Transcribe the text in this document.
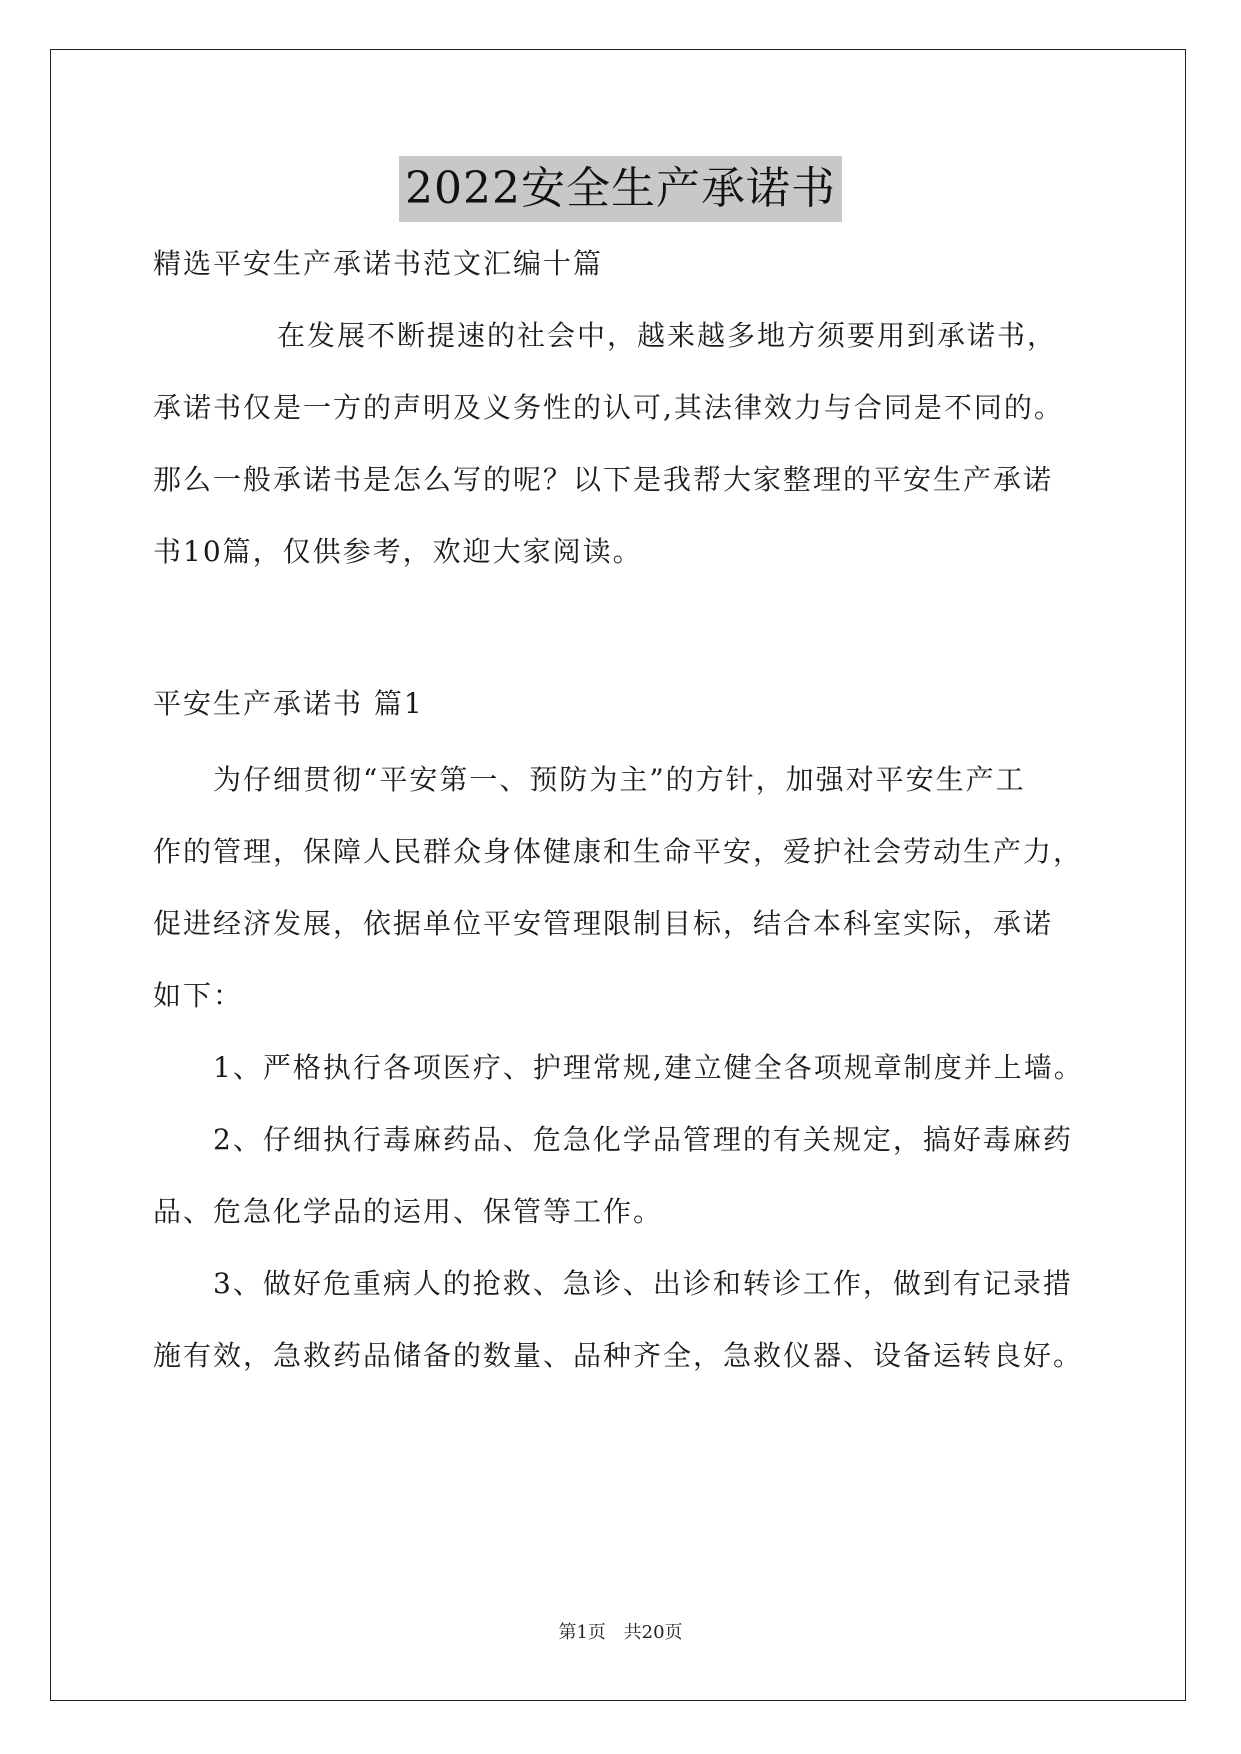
2022安全生产承诺书
精选平安生产承诺书范文汇编十篇
在发展不断提速的社会中，越来越多地方须要用到承诺书，
承诺书仅是一方的声明及义务性的认可,其法律效力与合同是不同的。
那么一般承诺书是怎么写的呢？以下是我帮大家整理的平安生产承诺
书10篇，仅供参考，欢迎大家阅读。
平安生产承诺书 篇1
为仔细贯彻“平安第一、预防为主”的方针，加强对平安生产工
作的管理，保障人民群众身体健康和生命平安，爱护社会劳动生产力，
促进经济发展，依据单位平安管理限制目标，结合本科室实际，承诺
如下：
1、严格执行各项医疗、护理常规,建立健全各项规章制度并上墙。
2、仔细执行毒麻药品、危急化学品管理的有关规定，搞好毒麻药
品、危急化学品的运用、保管等工作。
3、做好危重病人的抢救、急诊、出诊和转诊工作，做到有记录措
施有效，急救药品储备的数量、品种齐全，急救仪器、设备运转良好。
第1页 共20页
